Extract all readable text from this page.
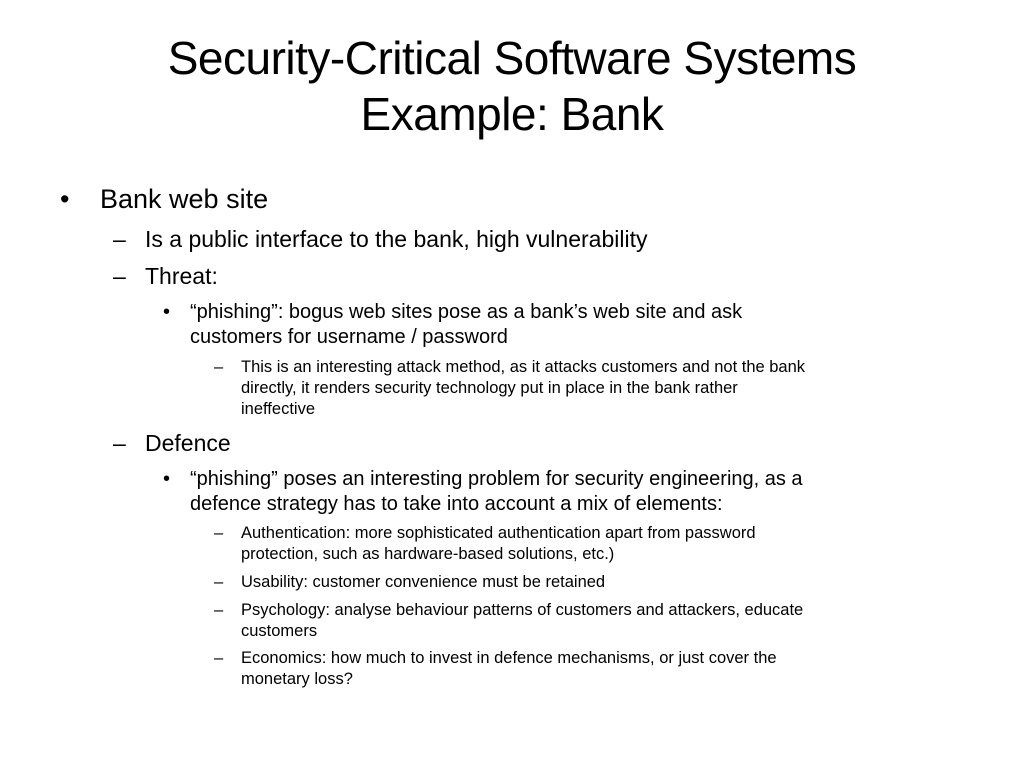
Security-Critical Software Systems
Example: Bank
• Bank web site
– Is a public interface to the bank, high vulnerability
– Threat:
• “phishing”: bogus web sites pose as a bank’s web site and ask
customers for username / password
– This is an interesting attack method, as it attacks customers and not the bank
directly, it renders security technology put in place in the bank rather
ineffective
– Defence
• “phishing” poses an interesting problem for security engineering, as a
defence strategy has to take into account a mix of elements:
– Authentication: more sophisticated authentication apart from password
protection, such as hardware-based solutions, etc.)
– Usability: customer convenience must be retained
– Psychology: analyse behaviour patterns of customers and attackers, educate
customers
– Economics: how much to invest in defence mechanisms, or just cover the
monetary loss?
